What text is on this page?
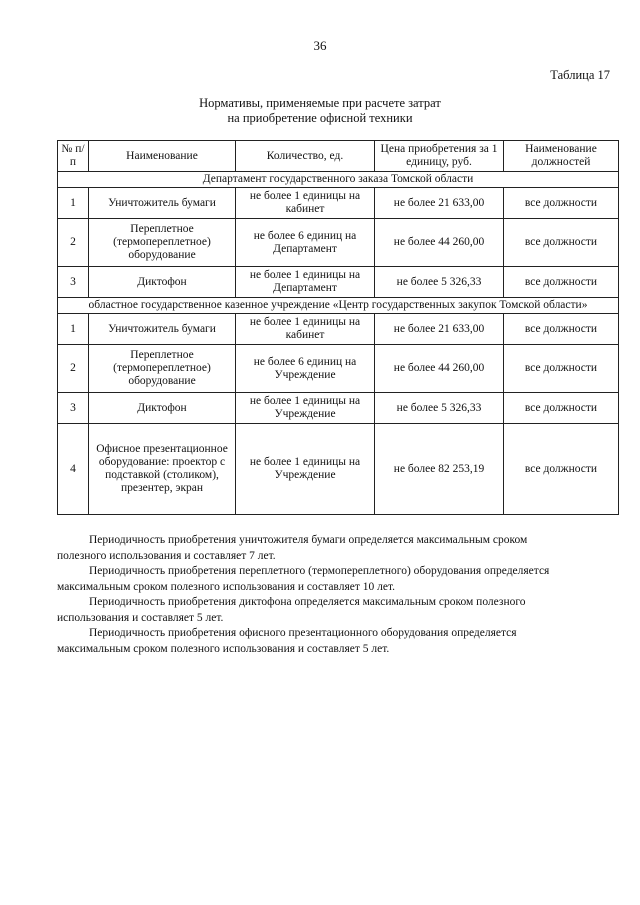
36
Таблица 17
Нормативы, применяемые при расчете затрат
на приобретение офисной техники
№ п/п	Наименование	Количество, ед.	Цена приобретения за 1 единицу, руб.	Наименование должностей
Департамент государственного заказа Томской области				
1	Уничтожитель бумаги	не более 1 единицы на кабинет	не более 21 633,00	все должности
2	Переплетное (термопереплетное) оборудование	не более 6 единиц на Департамент	не более 44 260,00	все должности
3	Диктофон	не более 1 единицы на Департамент	не более 5 326,33	все должности
областное государственное казенное учреждение «Центр государственных закупок Томской области»				
1	Уничтожитель бумаги	не более 1 единицы на кабинет	не более 21 633,00	все должности
2	Переплетное (термопереплетное) оборудование	не более 6 единиц на Учреждение	не более 44 260,00	все должности
3	Диктофон	не более 1 единицы на Учреждение	не более 5 326,33	все должности
4	Офисное презентационное оборудование: проектор с подставкой (столиком), презентер, экран	не более 1 единицы на Учреждение	не более 82 253,19	все должности

Периодичность приобретения уничтожителя бумаги определяется максимальным сроком
полезного использования и составляет 7 лет.

Периодичность приобретения переплетного (термопереплетного) оборудования определяется
максимальным сроком полезного использования и составляет 10 лет.

Периодичность приобретения диктофона определяется максимальным сроком полезного
использования и составляет 5 лет.

Периодичность приобретения офисного презентационного оборудования определяется
максимальным сроком полезного использования и составляет 5 лет.
